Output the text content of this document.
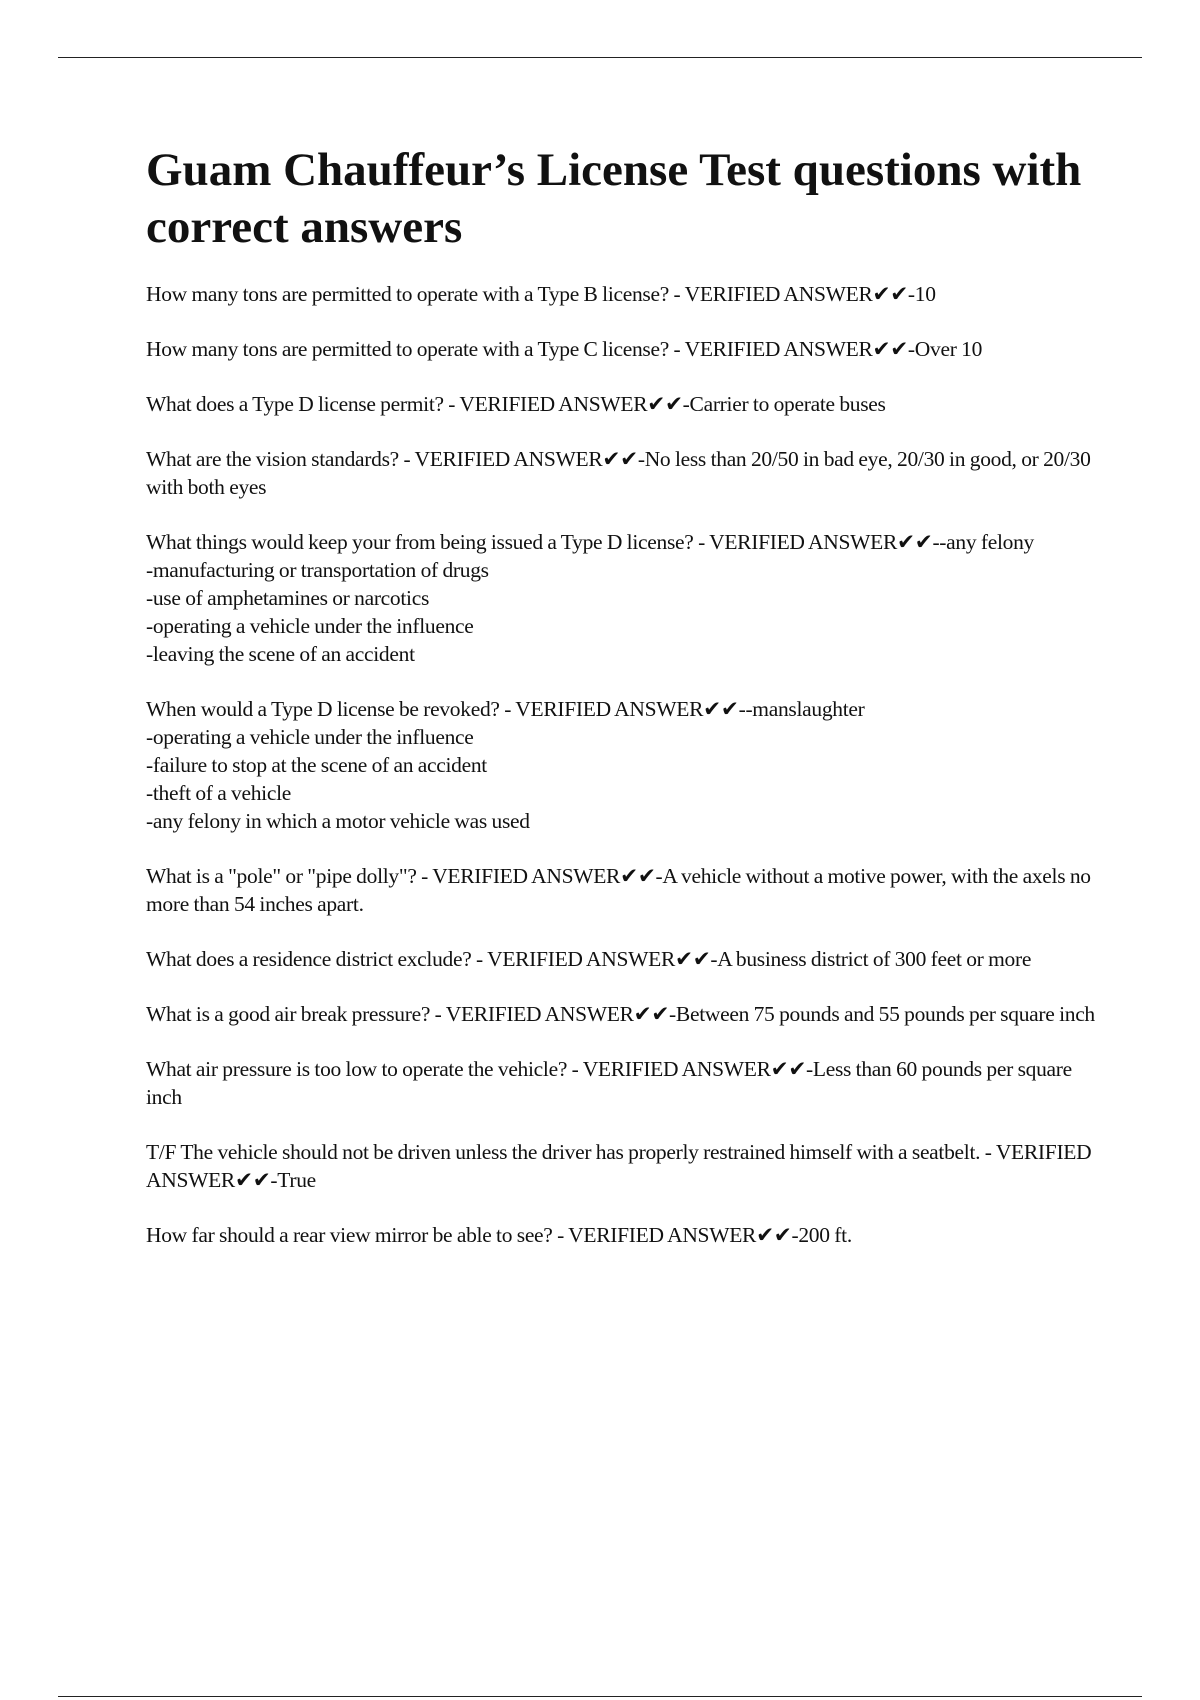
Guam Chauffeur’s License Test questions with correct answers

How many tons are permitted to operate with a Type B license? - VERIFIED ANSWER✔✔-10

How many tons are permitted to operate with a Type C license? - VERIFIED ANSWER✔✔-Over 10

What does a Type D license permit? - VERIFIED ANSWER✔✔-Carrier to operate buses

What are the vision standards? - VERIFIED ANSWER✔✔-No less than 20/50 in bad eye, 20/30 in good, or 20/30 with both eyes

What things would keep your from being issued a Type D license? - VERIFIED ANSWER✔✔--any felony
-manufacturing or transportation of drugs
-use of amphetamines or narcotics
-operating a vehicle under the influence
-leaving the scene of an accident

When would a Type D license be revoked? - VERIFIED ANSWER✔✔--manslaughter
-operating a vehicle under the influence
-failure to stop at the scene of an accident
-theft of a vehicle
-any felony in which a motor vehicle was used

What is a "pole" or "pipe dolly"? - VERIFIED ANSWER✔✔-A vehicle without a motive power, with the axels no more than 54 inches apart.

What does a residence district exclude? - VERIFIED ANSWER✔✔-A business district of 300 feet or more

What is a good air break pressure? - VERIFIED ANSWER✔✔-Between 75 pounds and 55 pounds per square inch

What air pressure is too low to operate the vehicle? - VERIFIED ANSWER✔✔-Less than 60 pounds per square inch

T/F The vehicle should not be driven unless the driver has properly restrained himself with a seatbelt. - VERIFIED ANSWER✔✔-True

How far should a rear view mirror be able to see? - VERIFIED ANSWER✔✔-200 ft.
